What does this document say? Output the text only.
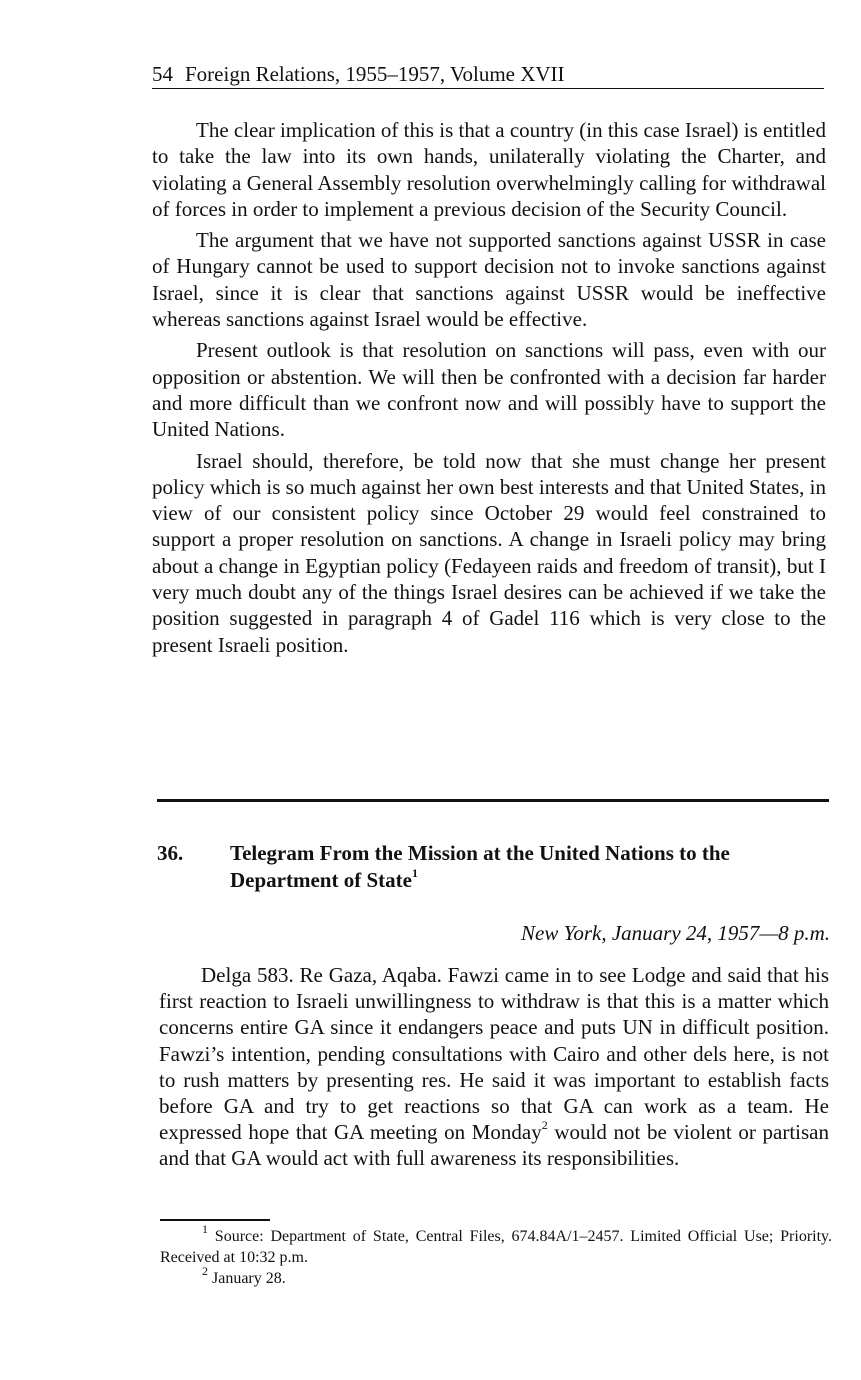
54 Foreign Relations, 1955–1957, Volume XVII

The clear implication of this is that a country (in this case Israel) is entitled to take the law into its own hands, unilaterally violating the Charter, and violating a General Assembly resolution overwhelmingly calling for withdrawal of forces in order to implement a previous decision of the Security Council.

The argument that we have not supported sanctions against USSR in case of Hungary cannot be used to support decision not to invoke sanctions against Israel, since it is clear that sanctions against USSR would be ineffective whereas sanctions against Israel would be effective.

Present outlook is that resolution on sanctions will pass, even with our opposition or abstention. We will then be confronted with a decision far harder and more difficult than we confront now and will possibly have to support the United Nations.

Israel should, therefore, be told now that she must change her present policy which is so much against her own best interests and that United States, in view of our consistent policy since October 29 would feel constrained to support a proper resolution on sanctions. A change in Israeli policy may bring about a change in Egyptian policy (Fedayeen raids and freedom of transit), but I very much doubt any of the things Israel desires can be achieved if we take the position suggested in paragraph 4 of Gadel 116 which is very close to the present Israeli position.

36. Telegram From the Mission at the United Nations to the Department of State$^1$
New York, January 24, 1957—8 p.m.

Delga 583. Re Gaza, Aqaba. Fawzi came in to see Lodge and said that his first reaction to Israeli unwillingness to withdraw is that this is a matter which concerns entire GA since it endangers peace and puts UN in difficult position. Fawzi’s intention, pending consultations with Cairo and other dels here, is not to rush matters by presenting res. He said it was important to establish facts before GA and try to get reactions so that GA can work as a team. He expressed hope that GA meeting on Monday$^2$ would not be violent or partisan and that GA would act with full awareness its responsibilities.

$^1$ Source: Department of State, Central Files, 674.84A/1–2457. Limited Official Use; Priority. Received at 10:32 p.m.

$^2$ January 28.
